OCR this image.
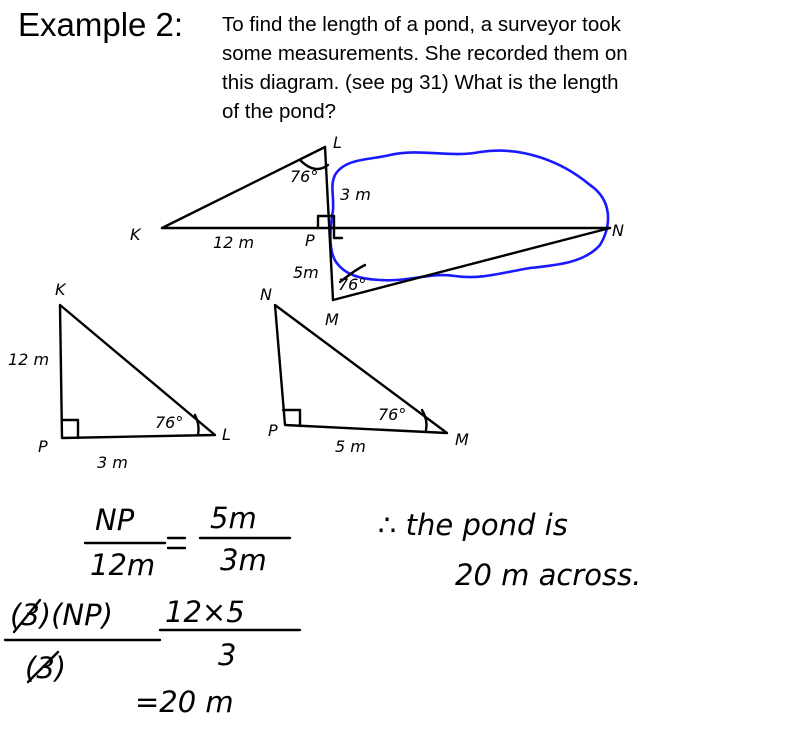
Example 2: To find the length of a pond, a surveyor took
some measurements. She recorded them on
this diagram. (see pg 31) What is the length
of the pond?
K
L
N
P
M
76°
76°
12 m
3 m
5m
K
P
L
12 m
3 m
76°
N
P	M
5 m
76°
NP
12m
5m
3m
(3)(NP)
(3)
12×5
3
=20 m
∴ the pond is
20 m across.
